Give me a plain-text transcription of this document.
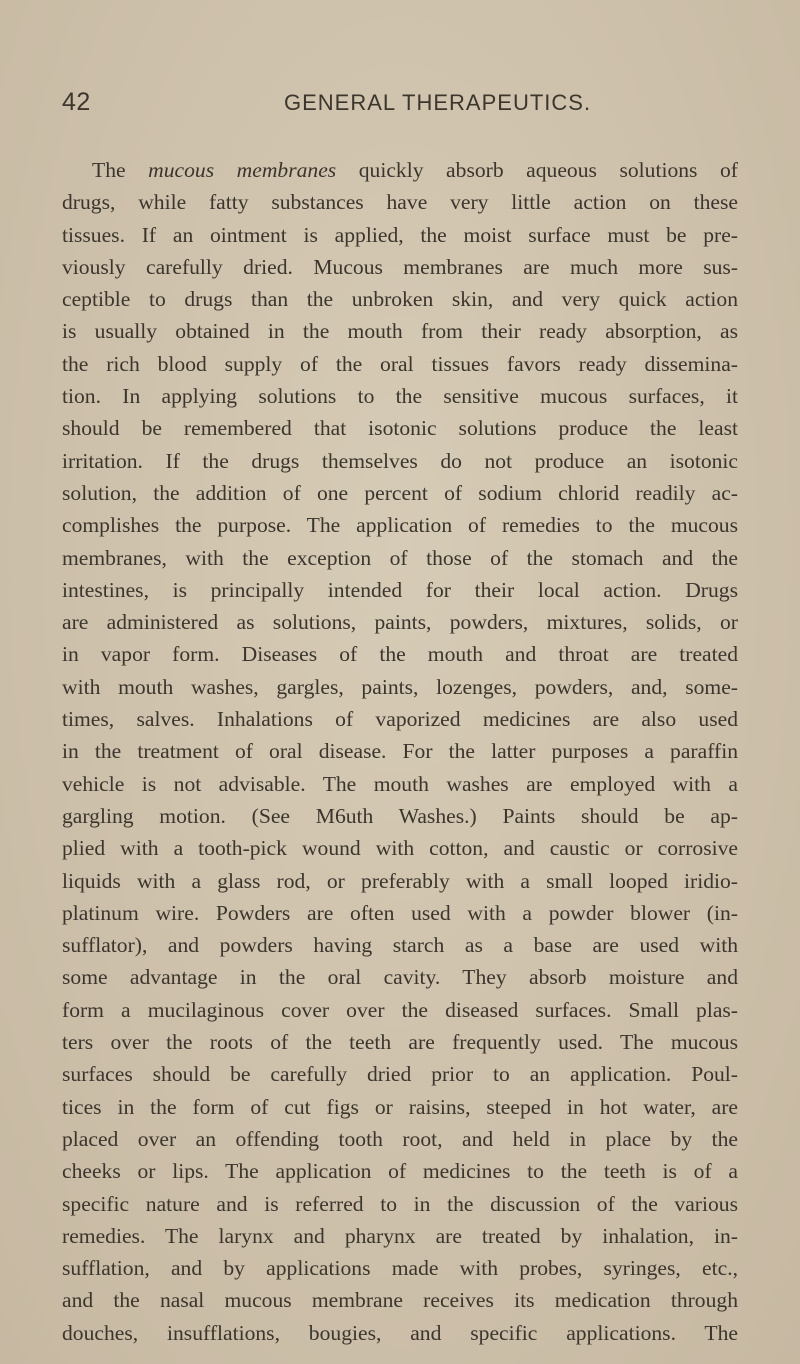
42	GENERAL THERAPEUTICS.
The mucous membranes quickly absorb aqueous solutions of
drugs, while fatty substances have very little action on these
tissues. If an ointment is applied, the moist surface must be pre-
viously carefully dried. Mucous membranes are much more sus-
ceptible to drugs than the unbroken skin, and very quick action
is usually obtained in the mouth from their ready absorption, as
the rich blood supply of the oral tissues favors ready dissemina-
tion. In applying solutions to the sensitive mucous surfaces, it
should be remembered that isotonic solutions produce the least
irritation. If the drugs themselves do not produce an isotonic
solution, the addition of one percent of sodium chlorid readily ac-
complishes the purpose. The application of remedies to the mucous
membranes, with the exception of those of the stomach and the
intestines, is principally intended for their local action. Drugs
are administered as solutions, paints, powders, mixtures, solids, or
in vapor form. Diseases of the mouth and throat are treated
with mouth washes, gargles, paints, lozenges, powders, and, some-
times, salves. Inhalations of vaporized medicines are also used
in the treatment of oral disease. For the latter purposes a paraffin
vehicle is not advisable. The mouth washes are employed with a
gargling motion. (See M6uth Washes.) Paints should be ap-
plied with a tooth-pick wound with cotton, and caustic or corrosive
liquids with a glass rod, or preferably with a small looped iridio-
platinum wire. Powders are often used with a powder blower (in-
sufflator), and powders having starch as a base are used with
some advantage in the oral cavity. They absorb moisture and
form a mucilaginous cover over the diseased surfaces. Small plas-
ters over the roots of the teeth are frequently used. The mucous
surfaces should be carefully dried prior to an application. Poul-
tices in the form of cut figs or raisins, steeped in hot water, are
placed over an offending tooth root, and held in place by the
cheeks or lips. The application of medicines to the teeth is of a
specific nature and is referred to in the discussion of the various
remedies. The larynx and pharynx are treated by inhalation, in-
sufflation, and by applications made with probes, syringes, etc.,
and the nasal mucous membrane receives its medication through
douches, insufflations, bougies, and specific applications. The
